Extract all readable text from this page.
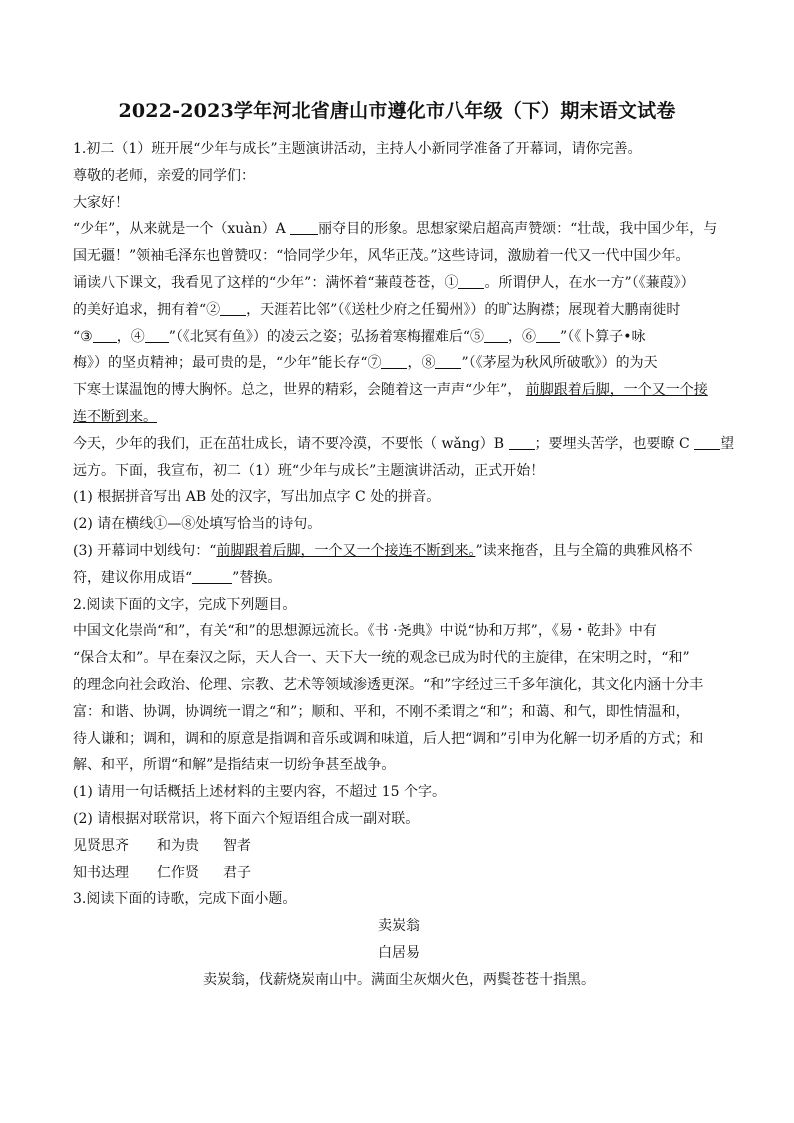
2022-2023学年河北省唐山市遵化市八年级（下）期末语文试卷
1.初二（1）班开展“少年与成长”主题演讲活动，主持人小新同学准备了开幕词，请你完善。
尊敬的老师，亲爱的同学们：
大家好！
“少年”，从来就是一个（xuàn）A 丽夺目的形象。思想家梁启超高声赞颂：“壮哉，我中国少年，与
国无疆！”领袖毛泽东也曾赞叹：“恰同学少年，风华正茂。”这些诗词，激励着一代又一代中国少年。
诵读八下课文，我看见了这样的“少年”：满怀着“蒹葭苍苍，① 。所谓伊人，在水一方”（《蒹葭》）
的美好追求，拥有着“② ，天涯若比邻”（《送杜少府之任蜀州》）的旷达胸襟；展现着大鹏南徙时
“③ ，④ ”（《北冥有鱼》）的凌云之姿；弘扬着寒梅擢难后“⑤ ，⑥ ”（《卜算子•咏
梅》）的坚贞精神；最可贵的是，“少年”能长存“⑦ ，⑧ ”（《茅屋为秋风所破歌》）的为天
下寒士谋温饱的博大胸怀。总之，世界的精彩，会随着这一声声“少年”， 前脚跟着后脚，一个又一个接
连不断到来。
今天，少年的我们，正在茁壮成长，请不要冷漠，不要怅（ wǎng）B ；要埋头苦学，也要瞭 C 望
远方。下面，我宣布，初二（1）班“少年与成长”主题演讲活动，正式开始！
(1) 根据拼音写出 AB 处的汉字，写出加点字 C 处的拼音。
(2) 请在横线①—⑧处填写恰当的诗句。
(3) 开幕词中划线句：“前脚跟着后脚，一个又一个接连不断到来。”读来拖沓，且与全篇的典雅风格不
符，建议你用成语“	”替换。
2.阅读下面的文字，完成下列题目。
中国文化崇尚“和”，有关“和”的思想源远流长。《书 ·尧典》中说“协和万邦”，《易・乾卦》中有
“保合太和”。早在秦汉之际，天人合一、天下大一统的观念已成为时代的主旋律，在宋明之时，“和”
的理念向社会政治、伦理、宗教、艺术等领域渗透更深。“和”字经过三千多年演化，其文化内涵十分丰
富：和谐、协调，协调统一谓之“和”；顺和、平和，不刚不柔谓之“和”；和蔼、和气，即性情温和，
待人谦和；调和，调和的原意是指调和音乐或调和味道，后人把“调和”引申为化解一切矛盾的方式；和
解、和平，所谓“和解”是指结束一切纷争甚至战争。
(1) 请用一句话概括上述材料的主要内容，不超过 15 个字。
(2) 请根据对联常识，将下面六个短语组合成一副对联。
见贤思齐 和为贵 智者
知书达理 仁作贤 君子
3.阅读下面的诗歌，完成下面小题。
卖炭翁
白居易
卖炭翁，伐薪烧炭南山中。满面尘灰烟火色，两鬓苍苍十指黑。
